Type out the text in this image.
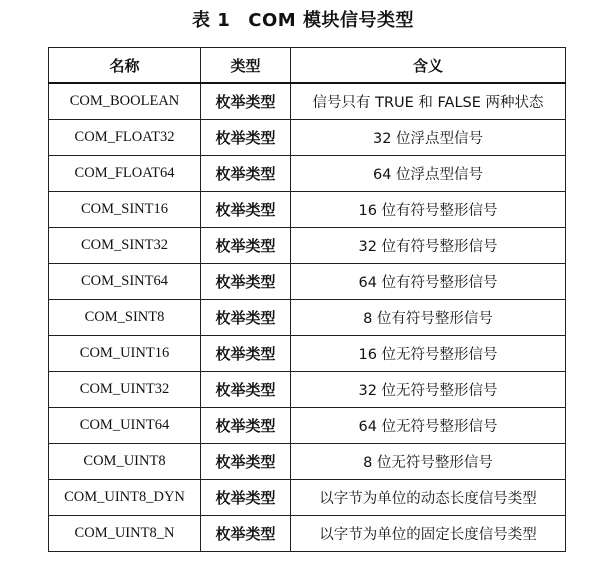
表 1 COM 模块信号类型
名称	类型	含义
COM_BOOLEAN	枚举类型	信号只有 TRUE 和 FALSE 两种状态
COM_FLOAT32	枚举类型	32 位浮点型信号
COM_FLOAT64	枚举类型	64 位浮点型信号
COM_SINT16	枚举类型	16 位有符号整形信号
COM_SINT32	枚举类型	32 位有符号整形信号
COM_SINT64	枚举类型	64 位有符号整形信号
COM_SINT8	枚举类型	8 位有符号整形信号
COM_UINT16	枚举类型	16 位无符号整形信号
COM_UINT32	枚举类型	32 位无符号整形信号
COM_UINT64	枚举类型	64 位无符号整形信号
COM_UINT8	枚举类型	8 位无符号整形信号
COM_UINT8_DYN	枚举类型	以字节为单位的动态长度信号类型
COM_UINT8_N	枚举类型	以字节为单位的固定长度信号类型
